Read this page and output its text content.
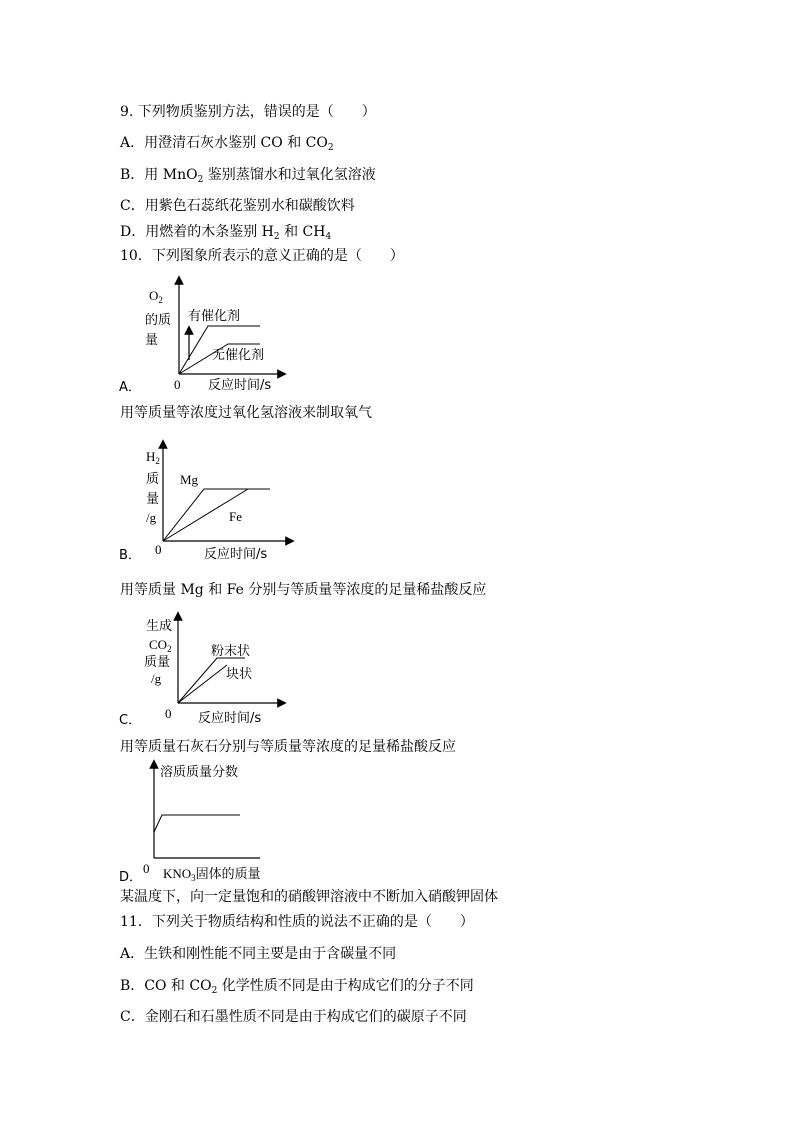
9. 下列物质鉴别方法，错误的是（　　）
A．用澄清石灰水鉴别 CO 和 $CO_2$
B．用 MnO$_2$ 鉴别蒸馏水和过氧化氢溶液
C．用紫色石蕊纸花鉴别水和碳酸饮料
D．用燃着的木条鉴别 $H_2$ 和 $CH_4$
10．下列图象所表示的意义正确的是（　　）
$O_2$
的质
量
有催化剂
无催化剂
0 反应时间/s
A．
用等质量等浓度过氧化氢溶液来制取氧气
$H_2$
质
量
/g
Mg
Fe
0	反应时间/s
B．
用等质量 Mg 和 Fe 分别与等质量等浓度的足量稀盐酸反应
生成
$CO_2$
质量
/g
粉末状
块状
0 反应时间/s
C．
用等质量石灰石分别与等质量等浓度的足量稀盐酸反应
溶质质量分数
0 $KNO_3$固体的质量
D．
某温度下，向一定量饱和的硝酸钾溶液中不断加入硝酸钾固体
11．下列关于物质结构和性质的说法不正确的是（　　）
A．生铁和刚性能不同主要是由于含碳量不同
B．CO 和 $CO_2$ 化学性质不同是由于构成它们的分子不同
C．金刚石和石墨性质不同是由于构成它们的碳原子不同
